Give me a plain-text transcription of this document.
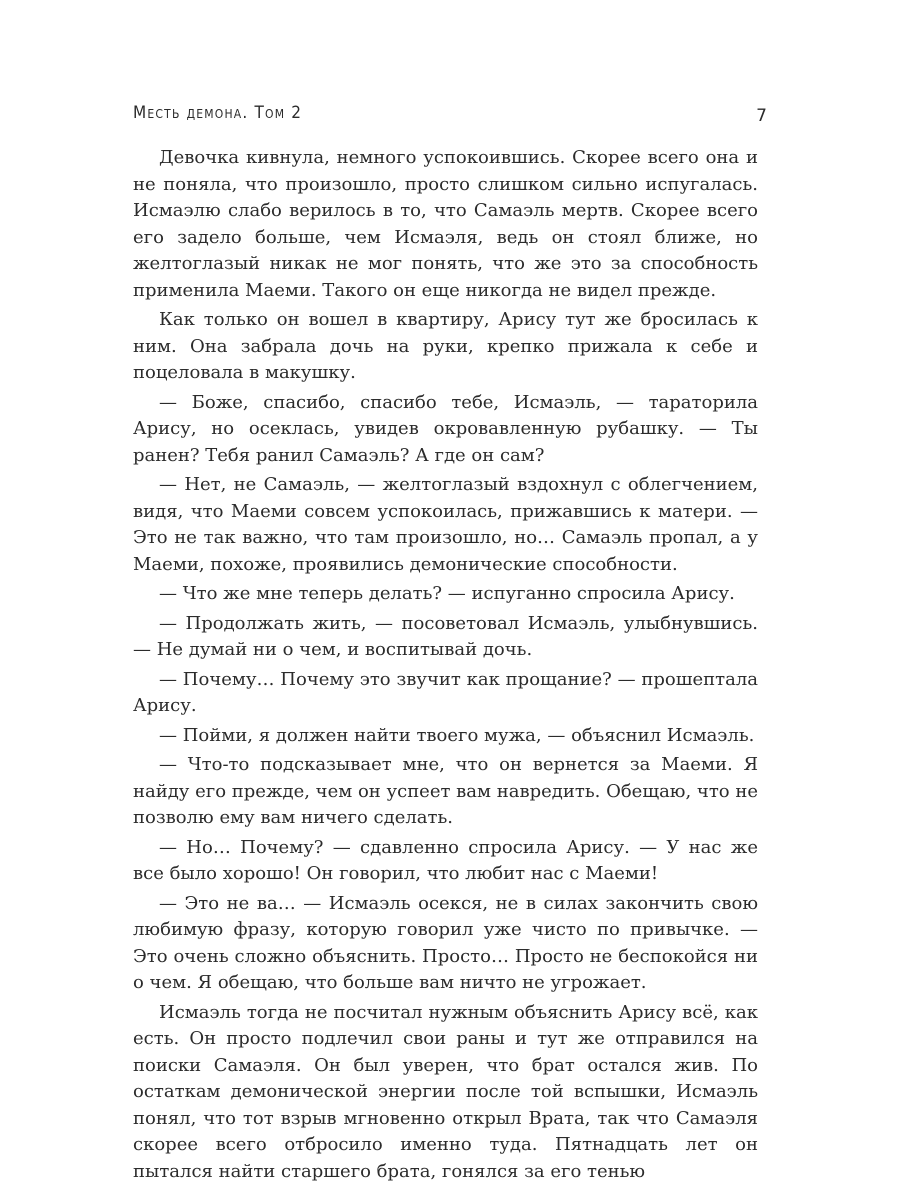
Месть демона. Том 2	7

Девочка кивнула, немного успокоившись. Скорее всего она и не поняла, что произошло, просто слишком сильно испугалась. Исмаэлю слабо верилось в то, что Самаэль мертв. Скорее всего его задело больше, чем Исмаэля, ведь он стоял ближе, но желтоглазый никак не мог понять, что же это за способность применила Маеми. Такого он еще никогда не видел прежде.

Как только он вошел в квартиру, Арису тут же бросилась к ним. Она забрала дочь на руки, крепко прижала к себе и поцеловала в макушку.

— Боже, спасибо, спасибо тебе, Исмаэль, — тараторила Арису, но осеклась, увидев окровавленную рубашку. — Ты ранен? Тебя ранил Самаэль? А где он сам?

— Нет, не Самаэль, — желтоглазый вздохнул с облегчением, видя, что Маеми совсем успокоилась, прижавшись к матери. — Это не так важно, что там произошло, но… Самаэль пропал, а у Маеми, похоже, проявились демонические способности.

— Что же мне теперь делать? — испуганно спросила Арису.

— Продолжать жить, — посоветовал Исмаэль, улыбнувшись. — Не думай ни о чем, и воспитывай дочь.

— Почему… Почему это звучит как прощание? — прошептала Арису.

— Пойми, я должен найти твоего мужа, — объяснил Исмаэль.

— Что-то подсказывает мне, что он вернется за Маеми. Я найду его прежде, чем он успеет вам навредить. Обещаю, что не позволю ему вам ничего сделать.

— Но… Почему? — сдавленно спросила Арису. — У нас же все было хорошо! Он говорил, что любит нас с Маеми!

— Это не ва… — Исмаэль осекся, не в силах закончить свою любимую фразу, которую говорил уже чисто по привычке. — Это очень сложно объяснить. Просто… Просто не беспокойся ни о чем. Я обещаю, что больше вам ничто не угрожает.

Исмаэль тогда не посчитал нужным объяснить Арису всё, как есть. Он просто подлечил свои раны и тут же отправился на поиски Самаэля. Он был уверен, что брат остался жив. По остаткам демонической энергии после той вспышки, Исмаэль понял, что тот взрыв мгновенно открыл Врата, так что Самаэля скорее всего отбросило именно туда. Пятнадцать лет он пытался найти старшего брата, гонялся за его тенью
